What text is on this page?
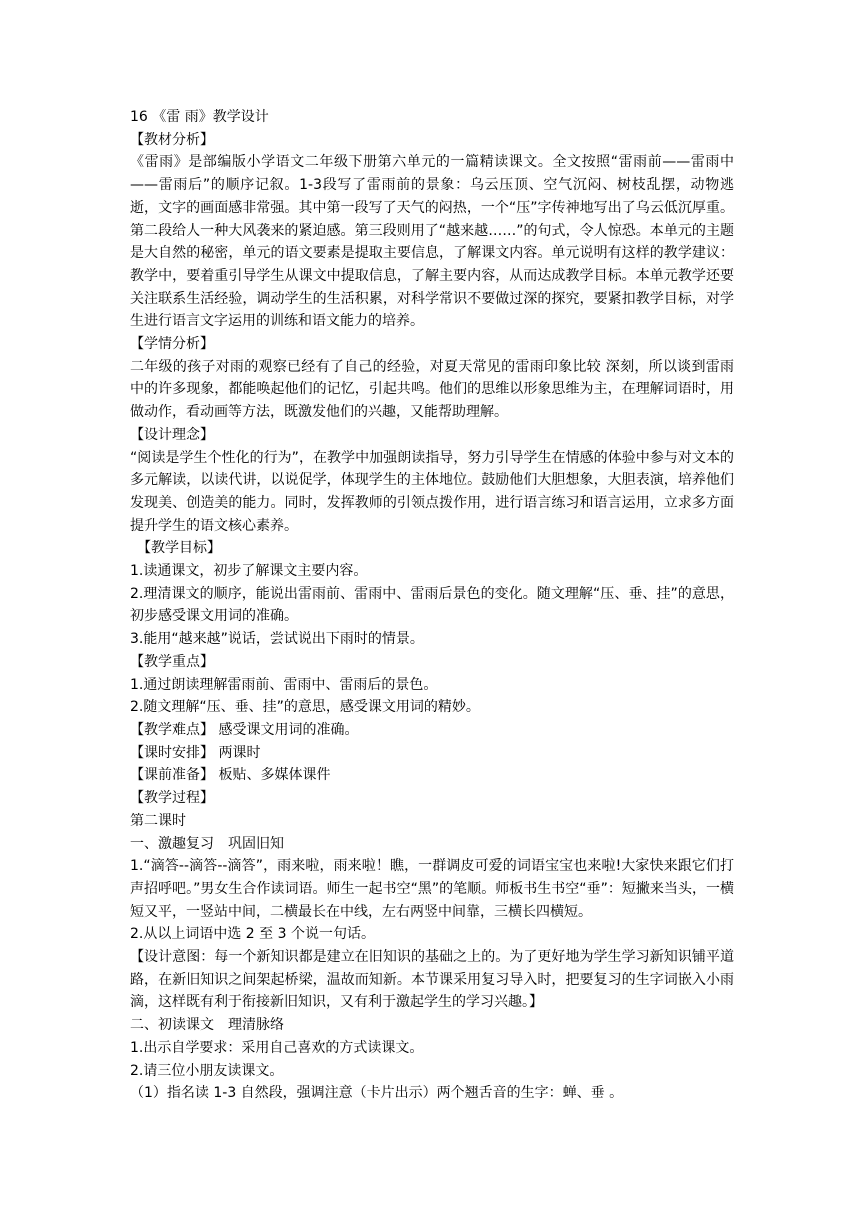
16 《雷 雨》教学设计

【教材分析】

《雷雨》是部编版小学语文二年级下册第六单元的一篇精读课文。全文按照“雷雨前——雷雨中——雷雨后”的顺序记叙。1-3段写了雷雨前的景象：乌云压顶、空气沉闷、树枝乱摆，动物逃逝，文字的画面感非常强。其中第一段写了天气的闷热，一个“压”字传神地写出了乌云低沉厚重。第二段给人一种大风袭来的紧迫感。第三段则用了“越来越……”的句式，令人惊恐。本单元的主题是大自然的秘密，单元的语文要素是提取主要信息，了解课文内容。单元说明有这样的教学建议：教学中，要着重引导学生从课文中提取信息，了解主要内容，从而达成教学目标。本单元教学还要关注联系生活经验，调动学生的生活积累，对科学常识不要做过深的探究，要紧扣教学目标，对学生进行语言文字运用的训练和语文能力的培养。

【学情分析】

二年级的孩子对雨的观察已经有了自己的经验，对夏天常见的雷雨印象比较 深刻，所以谈到雷雨中的许多现象，都能唤起他们的记忆，引起共鸣。他们的思维以形象思维为主，在理解词语时，用做动作，看动画等方法，既激发他们的兴趣，又能帮助理解。

【设计理念】

“阅读是学生个性化的行为”，在教学中加强朗读指导，努力引导学生在情感的体验中参与对文本的多元解读，以读代讲，以说促学，体现学生的主体地位。鼓励他们大胆想象，大胆表演，培养他们发现美、创造美的能力。同时，发挥教师的引领点拨作用，进行语言练习和语言运用，立求多方面提升学生的语文核心素养。

【教学目标】

1.读通课文，初步了解课文主要内容。

2.理清课文的顺序，能说出雷雨前、雷雨中、雷雨后景色的变化。随文理解“压、垂、挂”的意思，初步感受课文用词的准确。

3.能用“越来越”说话，尝试说出下雨时的情景。

【教学重点】

1.通过朗读理解雷雨前、雷雨中、雷雨后的景色。

2.随文理解“压、垂、挂”的意思，感受课文用词的精妙。

【教学难点】 感受课文用词的准确。

【课时安排】 两课时

【课前准备】 板贴、多媒体课件

【教学过程】

第二课时

一、激趣复习　巩固旧知

1.“滴答--滴答--滴答”，雨来啦，雨来啦！瞧，一群调皮可爱的词语宝宝也来啦!大家快来跟它们打声招呼吧。”男女生合作读词语。师生一起书空“黑”的笔顺。师板书生书空“垂”：短撇来当头，一横短又平，一竖站中间，二横最长在中线，左右两竖中间靠，三横长四横短。

2.从以上词语中选 2 至 3 个说一句话。

【设计意图：每一个新知识都是建立在旧知识的基础之上的。为了更好地为学生学习新知识铺平道路，在新旧知识之间架起桥梁，温故而知新。本节课采用复习导入时，把要复习的生字词嵌入小雨滴，这样既有利于衔接新旧知识，又有利于激起学生的学习兴趣。】

二、初读课文　理清脉络

1.出示自学要求：采用自己喜欢的方式读课文。

2.请三位小朋友读课文。

（1）指名读 1-3 自然段，强调注意（卡片出示）两个翘舌音的生字：蝉、垂 。
